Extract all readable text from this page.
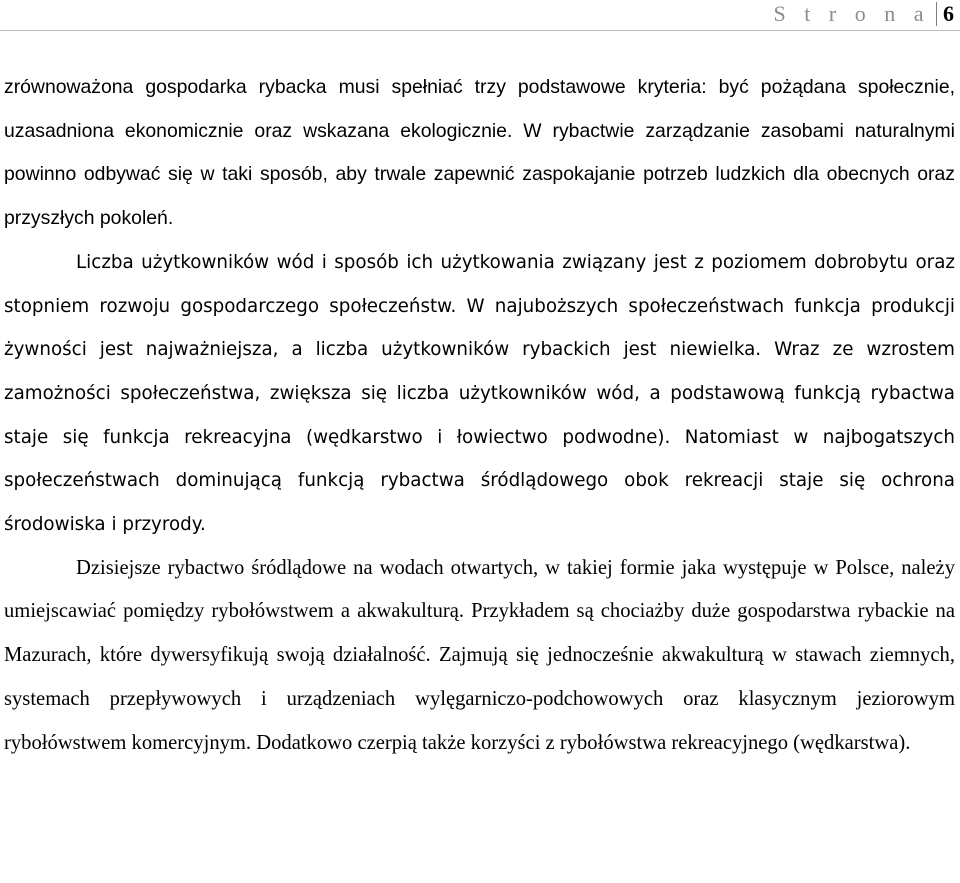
S t r o n a 6

zrównoważona gospodarka rybacka musi spełniać trzy podstawowe kryteria: być pożądana społecznie, uzasadniona ekonomicznie oraz wskazana ekologicznie. W rybactwie zarządzanie zasobami naturalnymi powinno odbywać się w taki sposób, aby trwale zapewnić zaspokajanie potrzeb ludzkich dla obecnych oraz przyszłych pokoleń.

Liczba użytkowników wód i sposób ich użytkowania związany jest z poziomem dobrobytu oraz stopniem rozwoju gospodarczego społeczeństw. W najuboższych społeczeństwach funkcja produkcji żywności jest najważniejsza, a liczba użytkowników rybackich jest niewielka. Wraz ze wzrostem zamożności społeczeństwa, zwiększa się liczba użytkowników wód, a podstawową funkcją rybactwa staje się funkcja rekreacyjna (wędkarstwo i łowiectwo podwodne). Natomiast w najbogatszych społeczeństwach dominującą funkcją rybactwa śródlądowego obok rekreacji staje się ochrona środowiska i przyrody.

Dzisiejsze rybactwo śródlądowe na wodach otwartych, w takiej formie jaka występuje w Polsce, należy umiejscawiać pomiędzy rybołówstwem a akwakulturą. Przykładem są chociażby duże gospodarstwa rybackie na Mazurach, które dywersyfikują swoją działalność. Zajmują się jednocześnie akwakulturą w stawach ziemnych, systemach przepływowych i urządzeniach wylęgarniczo-podchowowych oraz klasycznym jeziorowym rybołówstwem komercyjnym. Dodatkowo czerpią także korzyści z rybołówstwa rekreacyjnego (wędkarstwa).
